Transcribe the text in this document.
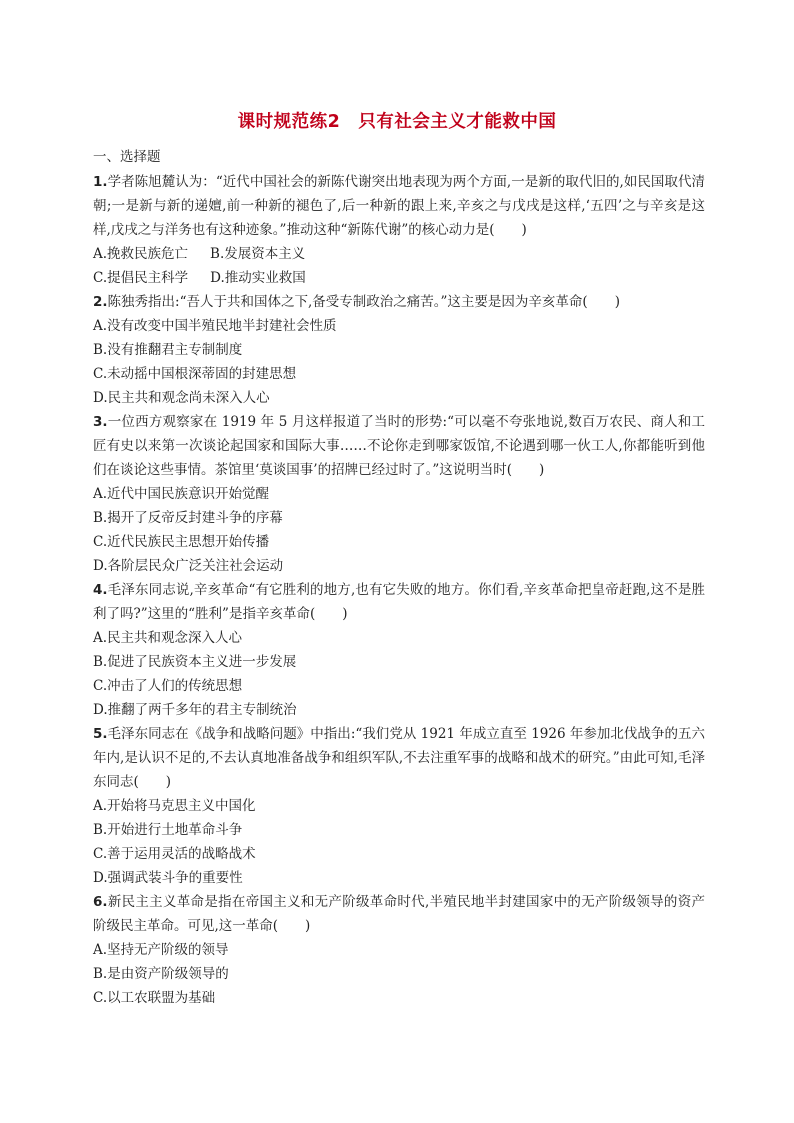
课时规范练2　只有社会主义才能救中国
一、选择题
1.学者陈旭麓认为：“近代中国社会的新陈代谢突出地表现为两个方面,一是新的取代旧的,如民国取代清朝;一是新与新的递嬗,前一种新的褪色了,后一种新的跟上来,辛亥之与戊戌是这样,‘五四’之与辛亥是这样,戊戌之与洋务也有这种迹象。”推动这种“新陈代谢”的核心动力是(　　)
A.挽救民族危亡 B.发展资本主义
C.提倡民主科学 D.推动实业救国
2.陈独秀指出:“吾人于共和国体之下,备受专制政治之痛苦。”这主要是因为辛亥革命(　　)
A.没有改变中国半殖民地半封建社会性质
B.没有推翻君主专制制度
C.未动摇中国根深蒂固的封建思想
D.民主共和观念尚未深入人心
3.一位西方观察家在 1919 年 5 月这样报道了当时的形势:“可以毫不夸张地说,数百万农民、商人和工匠有史以来第一次谈论起国家和国际大事……不论你走到哪家饭馆,不论遇到哪一伙工人,你都能听到他们在谈论这些事情。茶馆里‘莫谈国事’的招牌已经过时了。”这说明当时(　　)
A.近代中国民族意识开始觉醒
B.揭开了反帝反封建斗争的序幕
C.近代民族民主思想开始传播
D.各阶层民众广泛关注社会运动
4.毛泽东同志说,辛亥革命“有它胜利的地方,也有它失败的地方。你们看,辛亥革命把皇帝赶跑,这不是胜利了吗?”这里的“胜利”是指辛亥革命(　　)
A.民主共和观念深入人心
B.促进了民族资本主义进一步发展
C.冲击了人们的传统思想
D.推翻了两千多年的君主专制统治
5.毛泽东同志在《战争和战略问题》中指出:“我们党从 1921 年成立直至 1926 年参加北伐战争的五六年内,是认识不足的,不去认真地准备战争和组织军队,不去注重军事的战略和战术的研究。”由此可知,毛泽东同志(　　)
A.开始将马克思主义中国化
B.开始进行土地革命斗争
C.善于运用灵活的战略战术
D.强调武装斗争的重要性
6.新民主主义革命是指在帝国主义和无产阶级革命时代,半殖民地半封建国家中的无产阶级领导的资产阶级民主革命。可见,这一革命(　　)
A.坚持无产阶级的领导
B.是由资产阶级领导的
C.以工农联盟为基础
